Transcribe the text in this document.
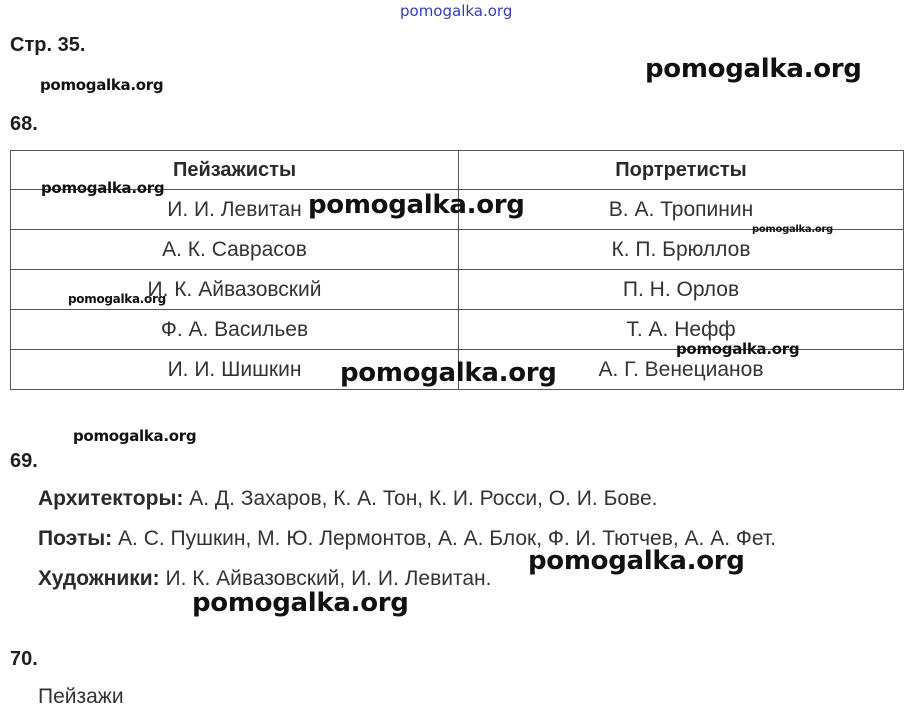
pomogalka.org
Стр. 35.
pomogalka.org
pomogalka.org
68.
Пейзажисты	Портретисты
И. И. Левитан	В. А. Тропинин
А. К. Саврасов	К. П. Брюллов
И. К. Айвазовский	П. Н. Орлов
Ф. А. Васильев	Т. А. Нефф
И. И. Шишкин	А. Г. Венецианов
pomogalka.org
pomogalka.org
pomogalka.org
pomogalka.org
pomogalka.org
pomogalka.org
pomogalka.org
69.
Архитекторы: А. Д. Захаров, К. А. Тон, К. И. Росси, О. И. Бове.
Поэты: А. С. Пушкин, М. Ю. Лермонтов, А. А. Блок, Ф. И. Тютчев, А. А. Фет.
Художники: И. К. Айвазовский, И. И. Левитан.
pomogalka.org
pomogalka.org
70.
Пейзажи
